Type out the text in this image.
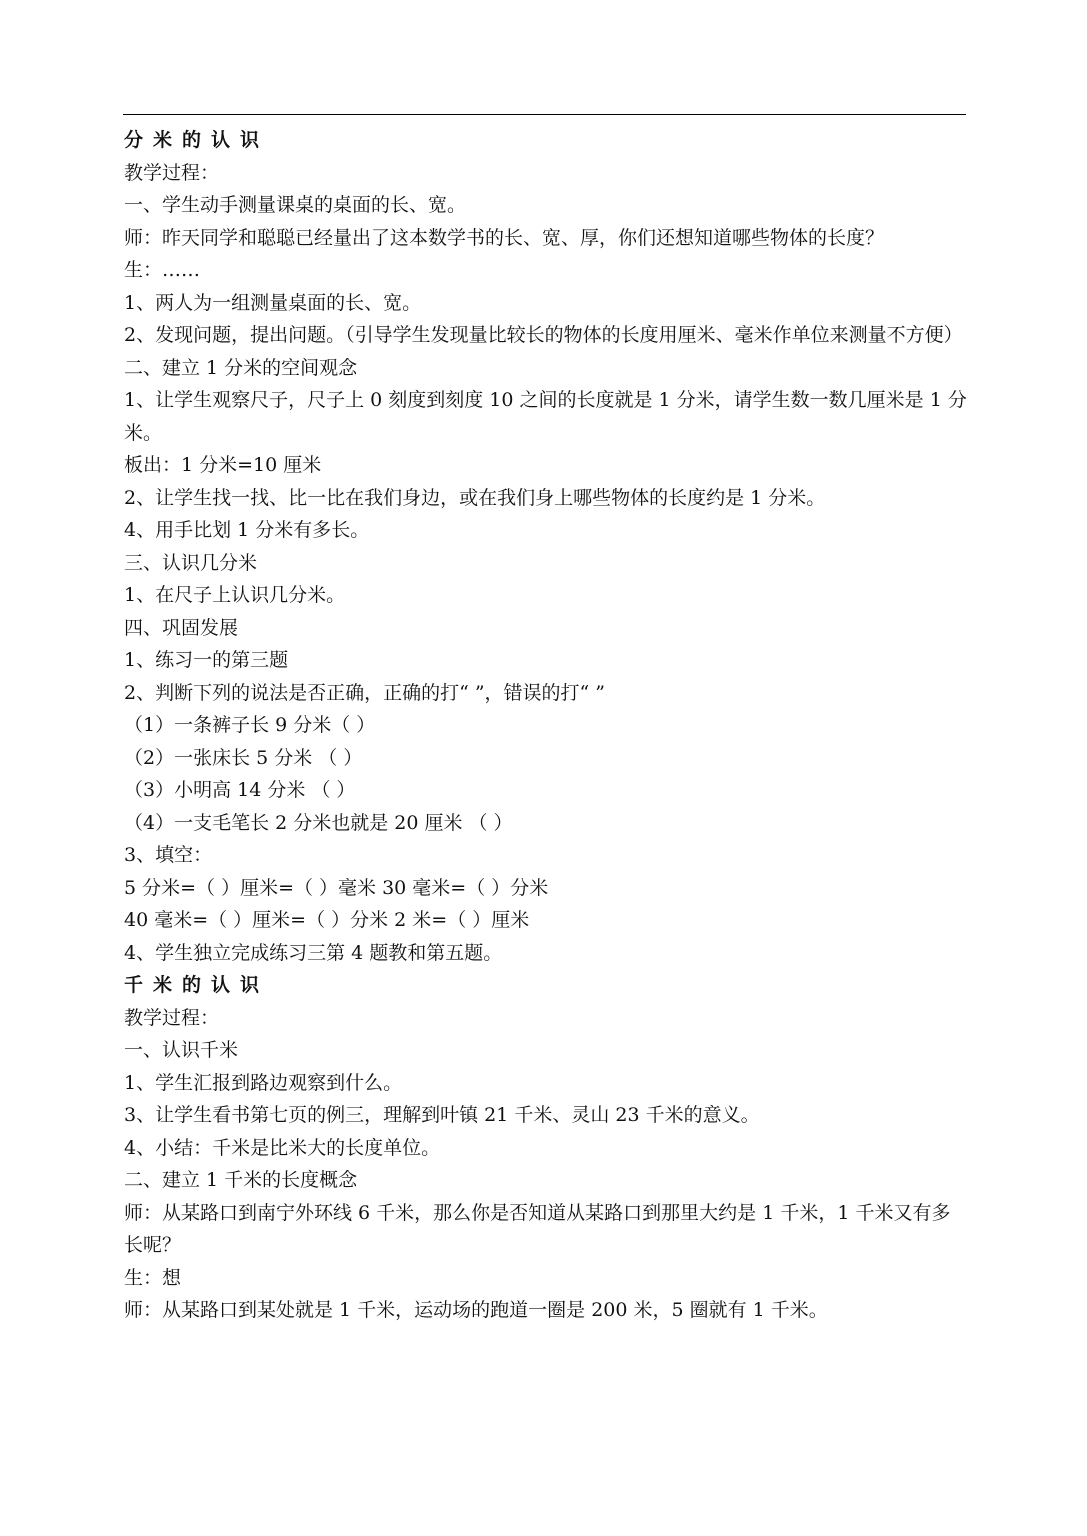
分米的认识
教学过程：
一、学生动手测量课桌的桌面的长、宽。
师：昨天同学和聪聪已经量出了这本数学书的长、宽、厚，你们还想知道哪些物体的长度？
生：……
1、两人为一组测量桌面的长、宽。
2、发现问题，提出问题。（引导学生发现量比较长的物体的长度用厘米、毫米作单位来测量不方便）
二、建立 1 分米的空间观念
1、让学生观察尺子，尺子上 0 刻度到刻度 10 之间的长度就是 1 分米，请学生数一数几厘米是 1 分米。
板出：1 分米=10 厘米
2、让学生找一找、比一比在我们身边，或在我们身上哪些物体的长度约是 1 分米。
4、用手比划 1 分米有多长。
三、认识几分米
1、在尺子上认识几分米。
四、巩固发展
1、练习一的第三题
2、判断下列的说法是否正确，正确的打“ ”，错误的打“ ”
（1）一条裤子长 9 分米（ ）
（2）一张床长 5 分米 （ ）
（3）小明高 14 分米 （ ）
（4）一支毛笔长 2 分米也就是 20 厘米 （ ）
3、填空：
5 分米=（ ）厘米=（ ）毫米 30 毫米=（ ）分米
40 毫米=（ ）厘米=（ ）分米 2 米=（ ）厘米
4、学生独立完成练习三第 4 题教和第五题。
千米的认识
教学过程：
一、认识千米
1、学生汇报到路边观察到什么。
3、让学生看书第七页的例三，理解到叶镇 21 千米、灵山 23 千米的意义。
4、小结：千米是比米大的长度单位。
二、建立 1 千米的长度概念
师：从某路口到南宁外环线 6 千米，那么你是否知道从某路口到那里大约是 1 千米，1 千米又有多长呢？
生：想
师：从某路口到某处就是 1 千米，运动场的跑道一圈是 200 米，5 圈就有 1 千米。
